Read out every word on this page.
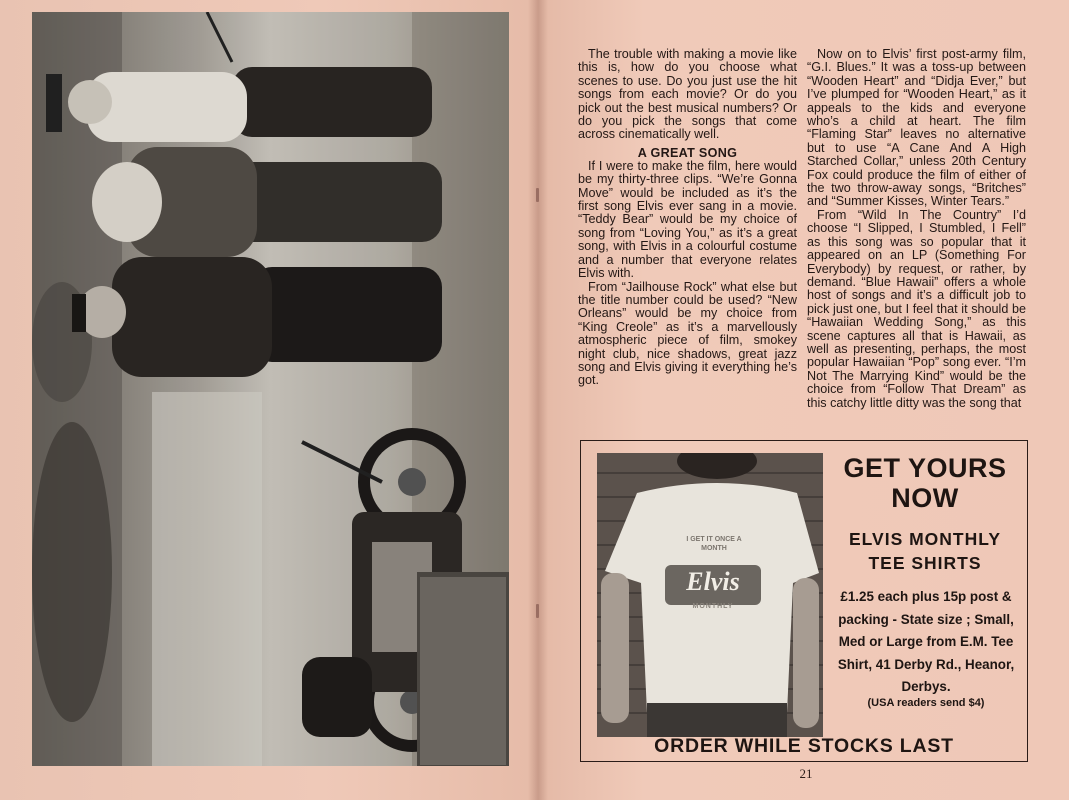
The trouble with making a movie like this is, how do you choose what scenes to use. Do you just use the hit songs from each movie? Or do you pick out the best musical numbers? Or do you pick the songs that come across cinematically well.

A GREAT SONG

If I were to make the film, here would be my thirty-three clips. “We’re Gonna Move” would be included as it’s the first song Elvis ever sang in a movie. “Teddy Bear” would be my choice of song from “Loving You,” as it’s a great song, with Elvis in a colourful costume and a number that everyone relates Elvis with.

From “Jailhouse Rock” what else but the title number could be used? “New Orleans” would be my choice from “King Creole” as it’s a marvellously atmospheric piece of film, smokey night club, nice shadows, great jazz song and Elvis giving it everything he’s got.

Now on to Elvis’ first post-army film, “G.I. Blues.” It was a toss-up between “Wooden Heart” and “Didja Ever,” but I’ve plumped for “Wooden Heart,” as it appeals to the kids and everyone who’s a child at heart. The film “Flaming Star” leaves no alternative but to use “A Cane And A High Starched Collar,” unless 20th Century Fox could produce the film of either of the two throw-away songs, “Britches” and “Summer Kisses, Winter Tears.”

From “Wild In The Country” I’d choose “I Slipped, I Stumbled, I Fell” as this song was so popular that it appeared on an LP (Something For Everybody) by request, or rather, by demand. “Blue Hawaii” offers a whole host of songs and it’s a difficult job to pick just one, but I feel that it should be “Hawaiian Wedding Song,” as this scene captures all that is Hawaii, as well as presenting, perhaps, the most popular Hawaiian “Pop” song ever. “I’m Not The Marrying Kind” would be the choice from “Follow That Dream” as this catchy little ditty was the song that

I GET IT ONCE A MONTH
Elvis
MONTHLY
GET YOURS
NOW
ELVIS MONTHLY
TEE SHIRTS
£1.25 each plus 15p post & packing - State size ; Small, Med or Large from E.M. Tee Shirt, 41 Derby Rd., Heanor, Derbys.
(USA readers send $4)
ORDER WHILE STOCKS LAST
21
